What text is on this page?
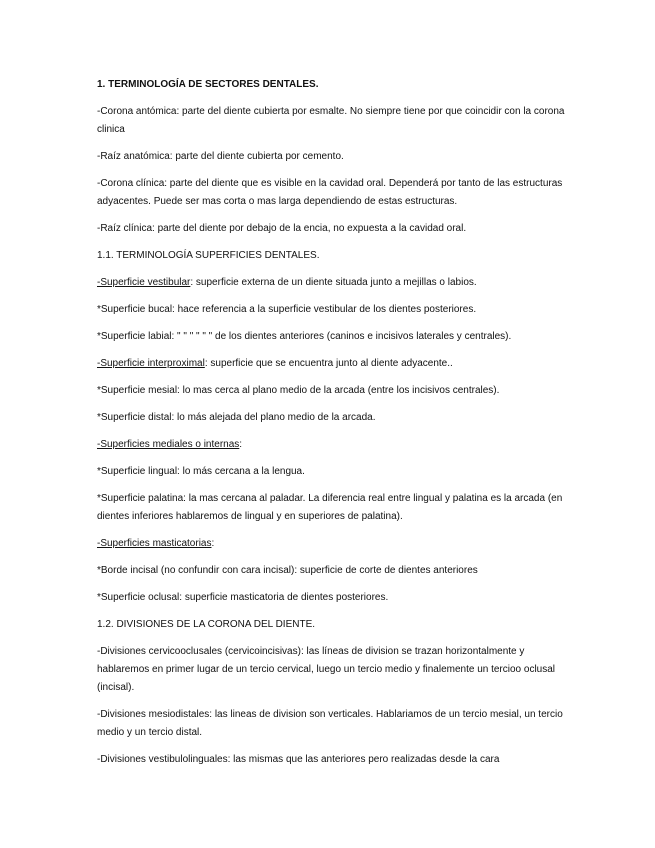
1. TERMINOLOGÍA DE SECTORES DENTALES.
-Corona antómica: parte del diente cubierta por esmalte. No siempre tiene por que coincidir con la corona clinica
-Raíz anatómica: parte del diente cubierta por cemento.
-Corona clínica: parte del diente que es visible en la cavidad oral. Dependerá por tanto de las estructuras adyacentes. Puede ser mas corta o mas larga dependiendo de estas estructuras.
-Raíz clínica: parte del diente por debajo de la encia, no expuesta a la cavidad oral.
1.1. TERMINOLOGÍA SUPERFICIES DENTALES.
-Superficie vestibular: superficie externa de un diente situada junto a mejillas o labios.
*Superficie bucal: hace referencia a la superficie vestibular de los dientes posteriores.
*Superficie labial: " " " " " " de los dientes anteriores (caninos e incisivos laterales y centrales).
-Superficie interproximal: superficie que se encuentra junto al diente adyacente..
*Superficie mesial: lo mas cerca al plano medio de la arcada (entre los incisivos centrales).
*Superficie distal: lo más alejada del plano medio de la arcada.
-Superficies mediales o internas:
*Superficie lingual: lo más cercana a la lengua.
*Superficie palatina: la mas cercana al paladar. La diferencia real entre lingual y palatina es la arcada (en dientes inferiores hablaremos de lingual y en superiores de palatina).
-Superficies masticatorias:
*Borde incisal (no confundir con cara incisal): superficie de corte de dientes anteriores
*Superficie oclusal: superficie masticatoria de dientes posteriores.
1.2. DIVISIONES DE LA CORONA DEL DIENTE.
-Divisiones cervicooclusales (cervicoincisivas): las líneas de division se trazan horizontalmente y hablaremos en primer lugar de un tercio cervical, luego un tercio medio y finalemente un tercioo oclusal (incisal).
-Divisiones mesiodistales: las lineas de division son verticales. Hablariamos de un tercio mesial, un tercio medio y un tercio distal.
-Divisiones vestibulolinguales: las mismas que las anteriores pero realizadas desde la cara
